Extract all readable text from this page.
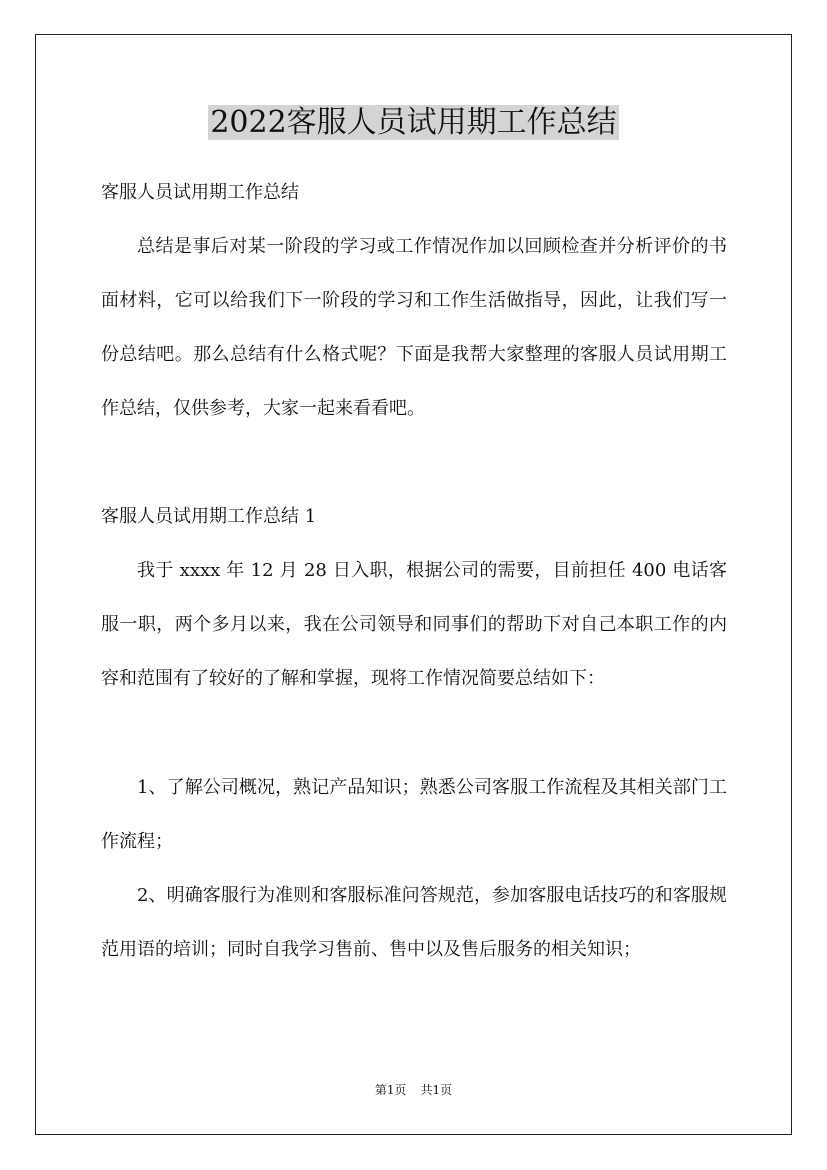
2022客服人员试用期工作总结

客服人员试用期工作总结

总结是事后对某一阶段的学习或工作情况作加以回顾检查并分析评价的书面材料，它可以给我们下一阶段的学习和工作生活做指导，因此，让我们写一份总结吧。那么总结有什么格式呢？下面是我帮大家整理的客服人员试用期工作总结，仅供参考，大家一起来看看吧。

客服人员试用期工作总结 1

我于 xxxx 年 12 月 28 日入职，根据公司的需要，目前担任 400 电话客服一职，两个多月以来，我在公司领导和同事们的帮助下对自己本职工作的内容和范围有了较好的了解和掌握，现将工作情况简要总结如下：

1、了解公司概况，熟记产品知识；熟悉公司客服工作流程及其相关部门工作流程；

2、明确客服行为准则和客服标准问答规范，参加客服电话技巧的和客服规范用语的培训；同时自我学习售前、售中以及售后服务的相关知识；

第1页 共1页
